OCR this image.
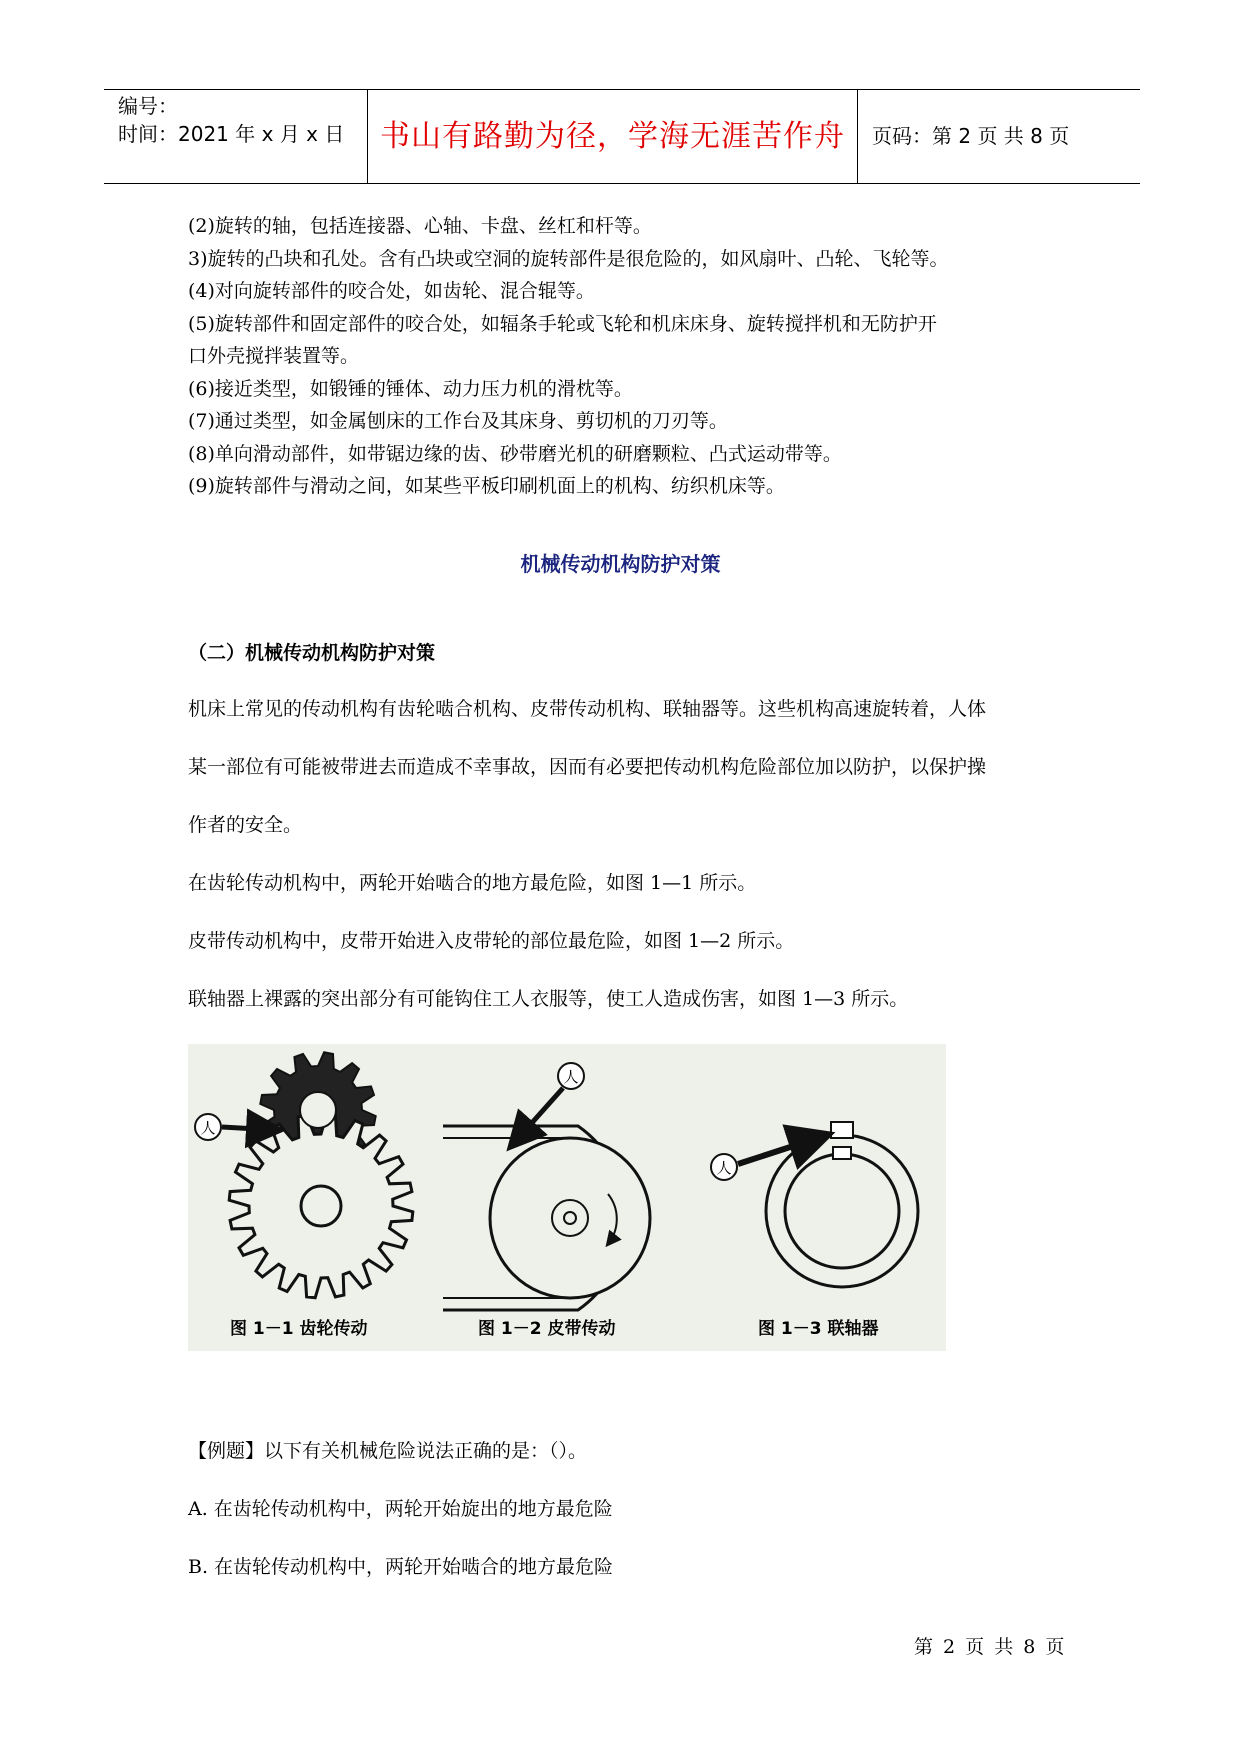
编号：
时间：2021 年 x 月 x 日	书山有路勤为径，学海无涯苦作舟	页码：第 2 页 共 8 页

(2)旋转的轴，包括连接器、心轴、卡盘、丝杠和杆等。

3)旋转的凸块和孔处。含有凸块或空洞的旋转部件是很危险的，如风扇叶、凸轮、飞轮等。

(4)对向旋转部件的咬合处，如齿轮、混合辊等。

(5)旋转部件和固定部件的咬合处，如辐条手轮或飞轮和机床床身、旋转搅拌机和无防护开

口外壳搅拌装置等。

(6)接近类型，如锻锤的锤体、动力压力机的滑枕等。

(7)通过类型，如金属刨床的工作台及其床身、剪切机的刀刃等。

(8)单向滑动部件，如带锯边缘的齿、砂带磨光机的研磨颗粒、凸式运动带等。

(9)旋转部件与滑动之间，如某些平板印刷机面上的机构、纺织机床等。

机械传动机构防护对策
（二）机械传动机构防护对策
机床上常见的传动机构有齿轮啮合机构、皮带传动机构、联轴器等。这些机构高速旋转着，人体
某一部位有可能被带进去而造成不幸事故，因而有必要把传动机构危险部位加以防护，以保护操
作者的安全。
在齿轮传动机构中，两轮开始啮合的地方最危险，如图 1—1 所示。
皮带传动机构中，皮带开始进入皮带轮的部位最危险，如图 1—2 所示。
联轴器上裸露的突出部分有可能钩住工人衣服等，使工人造成伤害，如图 1—3 所示。
人
人
人
图 1－1 齿轮传动	图 1－2 皮带传动	图 1－3 联轴器
【例题】以下有关机械危险说法正确的是：（）。
A. 在齿轮传动机构中，两轮开始旋出的地方最危险
B. 在齿轮传动机构中，两轮开始啮合的地方最危险
第 2 页 共 8 页
